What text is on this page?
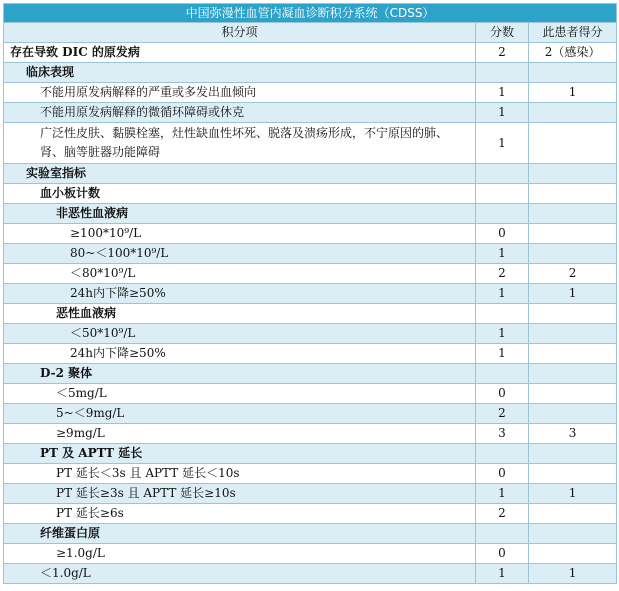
中国弥漫性血管内凝血诊断积分系统（CDSS）		
积分项	分数	此患者得分
存在导致 DIC 的原发病	2	2（感染）
临床表现		
不能用原发病解释的严重或多发出血倾向	1	1
不能用原发病解释的微循环障碍或休克	1	
广泛性皮肤、黏膜栓塞，灶性缺血性坏死、脱落及溃疡形成，不宁原因的肺、肾、脑等脏器功能障碍	1	
实验室指标		
血小板计数		
非恶性血液病		
≥100*10⁹/L	0	
80~＜100*10⁹/L	1	
＜80*10⁹/L	2	2
24h内下降≥50%	1	1
恶性血液病		
＜50*10⁹/L	1	
24h内下降≥50%	1	
D-2 聚体		
＜5mg/L	0	
5~＜9mg/L	2	
≥9mg/L	3	3
PT 及 APTT 延长		
PT 延长＜3s 且 APTT 延长＜10s	0	
PT 延长≥3s 且 APTT 延长≥10s	1	1
PT 延长≥6s	2	
纤维蛋白原		
≥1.0g/L	0	
＜1.0g/L	1	1
